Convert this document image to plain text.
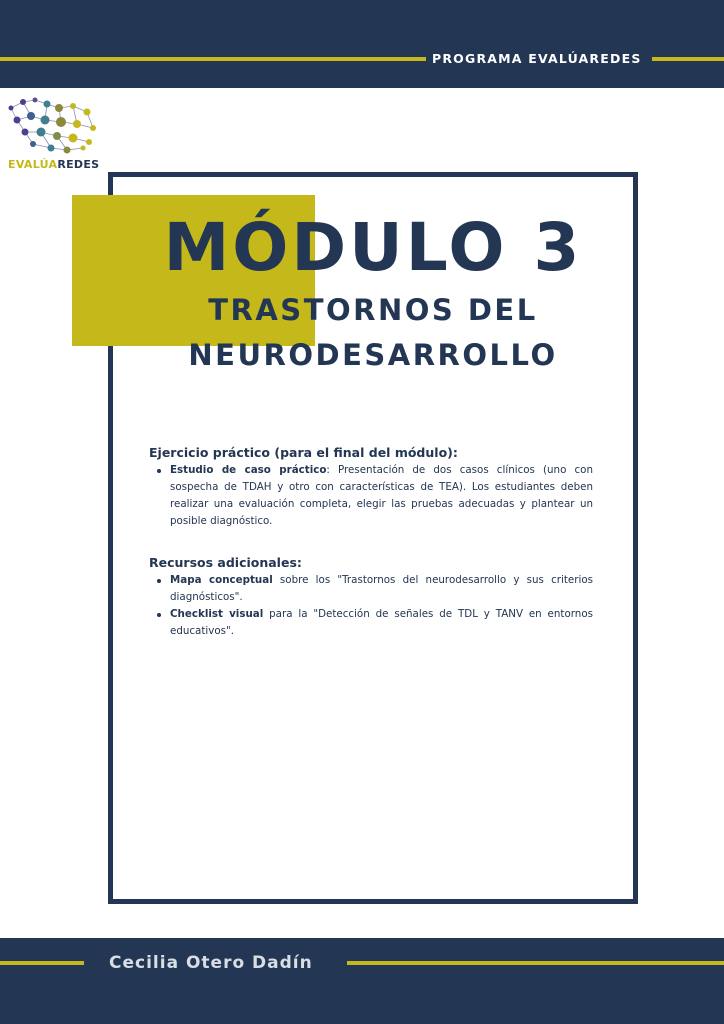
PROGRAMA EVALÚAREDES
EVALÚAREDES
MÓDULO 3
TRASTORNOS DEL NEURODESARROLLO

Ejercicio práctico (para el final del módulo):

Estudio de caso práctico: Presentación de dos casos clínicos (uno con sospecha de TDAH y otro con características de TEA). Los estudiantes deben realizar una evaluación completa, elegir las pruebas adecuadas y plantear un posible diagnóstico.

Recursos adicionales:

Mapa conceptual sobre los "Trastornos del neurodesarrollo y sus criterios diagnósticos".
Checklist visual para la "Detección de señales de TDL y TANV en entornos educativos".
Cecilia Otero Dadín
